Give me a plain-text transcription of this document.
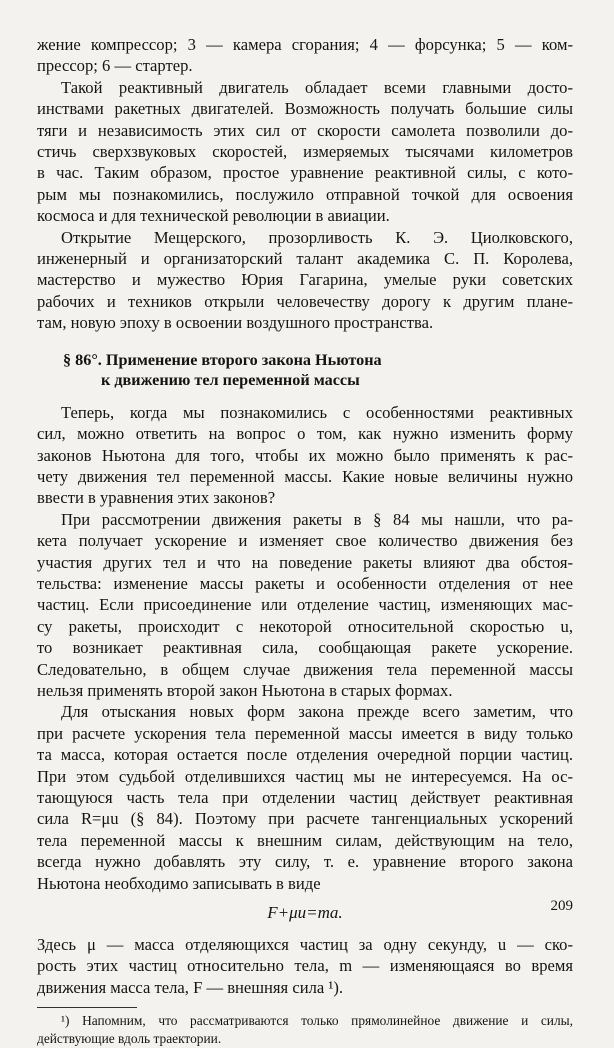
жение компрессор; 3 — камера сгорания; 4 — форсунка; 5 — ком-
прессор; 6 — стартер.
Такой реактивный двигатель обладает всеми главными досто-
инствами ракетных двигателей. Возможность получать большие силы
тяги и независимость этих сил от скорости самолета позволили до-
стичь сверхзвуковых скоростей, измеряемых тысячами километров
в час. Таким образом, простое уравнение реактивной силы, с кото-
рым мы познакомились, послужило отправной точкой для освоения
космоса и для технической революции в авиации.
Открытие Мещерского, прозорливость К. Э. Циолковского,
инженерный и организаторский талант академика С. П. Королева,
мастерство и мужество Юрия Гагарина, умелые руки советских
рабочих и техников открыли человечеству дорогу к другим плане-
там, новую эпоху в освоении воздушного пространства.
§ 86°. Применение второго закона Ньютона
к движению тел переменной массы
Теперь, когда мы познакомились с особенностями реактивных
сил, можно ответить на вопрос о том, как нужно изменить форму
законов Ньютона для того, чтобы их можно было применять к рас-
чету движения тел переменной массы. Какие новые величины нужно
ввести в уравнения этих законов?
При рассмотрении движения ракеты в § 84 мы нашли, что ра-
кета получает ускорение и изменяет свое количество движения без
участия других тел и что на поведение ракеты влияют два обстоя-
тельства: изменение массы ракеты и особенности отделения от нее
частиц. Если присоединение или отделение частиц, изменяющих мас-
су ракеты, происходит с некоторой относительной скоростью u,
то возникает реактивная сила, сообщающая ракете ускорение.
Следовательно, в общем случае движения тела переменной массы
нельзя применять второй закон Ньютона в старых формах.
Для отыскания новых форм закона прежде всего заметим, что
при расчете ускорения тела переменной массы имеется в виду только
та масса, которая остается после отделения очередной порции частиц.
При этом судьбой отделившихся частиц мы не интересуемся. На ос-
тающуюся часть тела при отделении частиц действует реактивная
сила R=μu (§ 84). Поэтому при расчете тангенциальных ускорений
тела переменной массы к внешним силам, действующим на тело,
всегда нужно добавлять эту силу, т. е. уравнение второго закона
Ньютона необходимо записывать в виде
F+μu=ma.
Здесь μ — масса отделяющихся частиц за одну секунду, u — ско-
рость этих частиц относительно тела, m — изменяющаяся во время
движения масса тела, F — внешняя сила ¹).
¹) Напомним, что рассматриваются только прямолинейное движение и силы,
действующие вдоль траектории.
209
